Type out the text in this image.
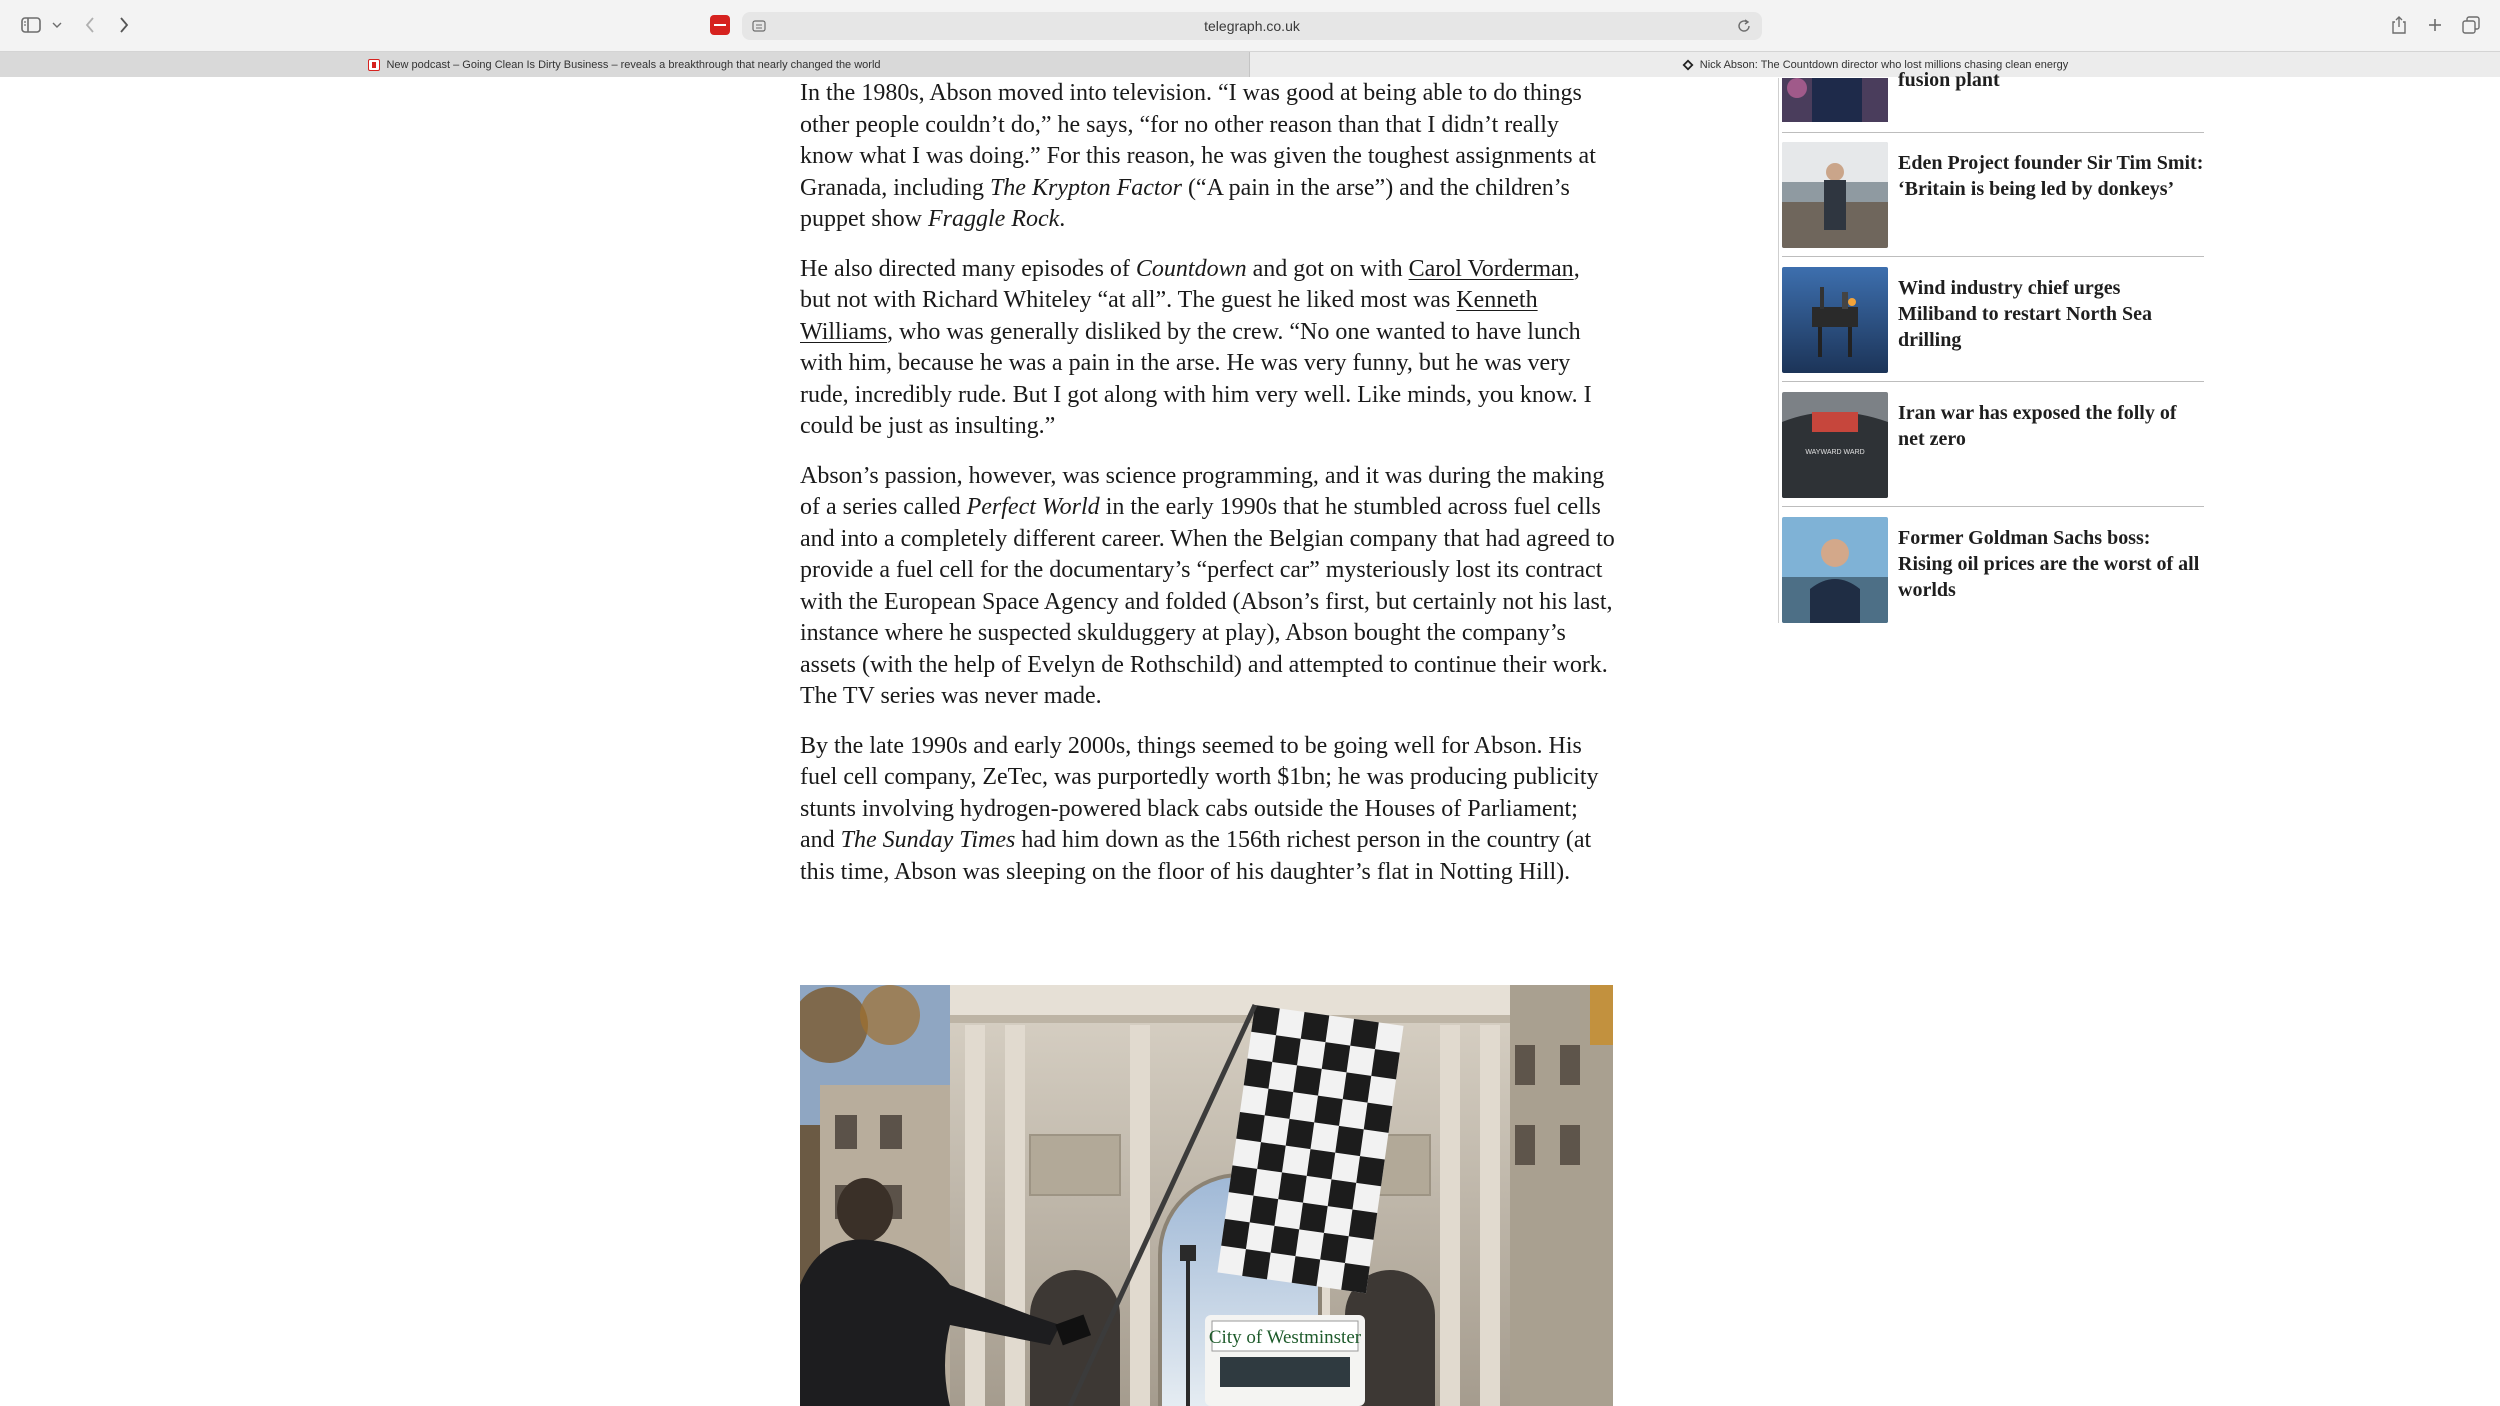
telegraph.co.uk
New podcast – Going Clean Is Dirty Business – reveals a breakthrough that nearly changed the world	Nick Abson: The Countdown director who lost millions chasing clean energy

In the 1980s, Abson moved into television. “I was good at being able to do things other people couldn’t do,” he says, “for no other reason than that I didn’t really know what I was doing.” For this reason, he was given the toughest assignments at Granada, including The Krypton Factor (“A pain in the arse”) and the children’s puppet show Fraggle Rock.

He also directed many episodes of Countdown and got on with Carol Vorderman, but not with Richard Whiteley “at all”. The guest he liked most was Kenneth Williams, who was generally disliked by the crew. “No one wanted to have lunch with him, because he was a pain in the arse. He was very funny, but he was very rude, incredibly rude. But I got along with him very well. Like minds, you know. I could be just as insulting.”

Abson’s passion, however, was science programming, and it was during the making of a series called Perfect World in the early 1990s that he stumbled across fuel cells and into a completely different career. When the Belgian company that had agreed to provide a fuel cell for the documentary’s “perfect car” mysteriously lost its contract with the European Space Agency and folded (Abson’s first, but certainly not his last, instance where he suspected skulduggery at play), Abson bought the company’s assets (with the help of Evelyn de Rothschild) and attempted to continue their work. The TV series was never made.

By the late 1990s and early 2000s, things seemed to be going well for Abson. His fuel cell company, ZeTec, was purportedly worth $1bn; he was producing publicity stunts involving hydrogen-powered black cabs outside the Houses of Parliament; and The Sunday Times had him down as the 156th richest person in the country (at this time, Abson was sleeping on the floor of his daughter’s flat in Notting Hill).

City of Westminster
fusion plant
Eden Project founder Sir Tim Smit: ‘Britain is being led by donkeys’
Wind industry chief urges Miliband to restart North Sea drilling
WAYWARD WARD
Iran war has exposed the folly of net zero
Former Goldman Sachs boss: Rising oil prices are the worst of all worlds
